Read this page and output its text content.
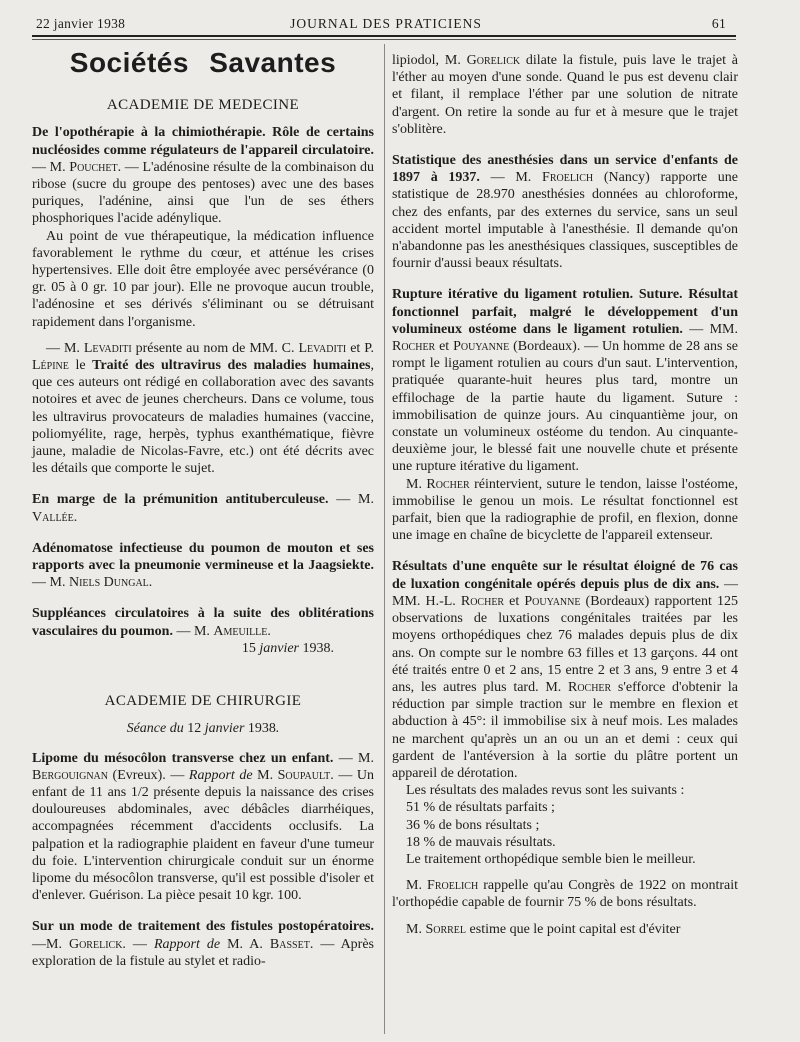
22 janvier 1938	JOURNAL DES PRATICIENS	61
Sociétés Savantes
ACADEMIE DE MEDECINE

De l'opothérapie à la chimiothérapie. Rôle de certains nucléosides comme régulateurs de l'appareil circulatoire. — M. Pouchet. — L'adénosine résulte de la combinaison du ribose (sucre du groupe des pentoses) avec une des bases puriques, l'adénine, ainsi que l'un de ses éthers phosphoriques l'acide adénylique.

Au point de vue thérapeutique, la médication influence favorablement le rythme du cœur, et atténue les crises hypertensives. Elle doit être employée avec persévérance (0 gr. 05 à 0 gr. 10 par jour). Elle ne provoque aucun trouble, l'adénosine et ses dérivés s'éliminant ou se détruisant rapidement dans l'organisme.

— M. Levaditi présente au nom de MM. C. Levaditi et P. Lépine le Traité des ultravirus des maladies humaines, que ces auteurs ont rédigé en collaboration avec des savants notoires et avec de jeunes chercheurs. Dans ce volume, tous les ultravirus provocateurs de maladies humaines (vaccine, poliomyélite, rage, herpès, typhus exanthématique, fièvre jaune, maladie de Nicolas-Favre, etc.) ont été décrits avec les détails que comporte le sujet.

En marge de la prémunition antituberculeuse. — M. Vallée.

Adénomatose infectieuse du poumon de mouton et ses rapports avec la pneumonie vermineuse et la Jaagsiekte. — M. Niels Dungal.

Suppléances circulatoires à la suite des oblitérations vasculaires du poumon. — M. Ameuille.

15 janvier 1938.

ACADEMIE DE CHIRURGIE
Séance du 12 janvier 1938.

Lipome du mésocôlon transverse chez un enfant. — M. Bergouignan (Evreux). — Rapport de M. Soupault. — Un enfant de 11 ans 1/2 présente depuis la naissance des crises douloureuses abdominales, avec débâcles diarrhéiques, accompagnées récemment d'accidents occlusifs. La palpation et la radiographie plaident en faveur d'une tumeur du foie. L'intervention chirurgicale conduit sur un énorme lipome du mésocôlon transverse, qu'il est possible d'isoler et d'enlever. Guérison. La pièce pesait 10 kgr. 100.

Sur un mode de traitement des fistules postopératoires. —M. Gorelick. — Rapport de M. A. Basset. — Après exploration de la fistule au stylet et radio-

lipiodol, M. Gorelick dilate la fistule, puis lave le trajet à l'éther au moyen d'une sonde. Quand le pus est devenu clair et filant, il remplace l'éther par une solution de nitrate d'argent. On retire la sonde au fur et à mesure que le trajet s'oblitère.

Statistique des anesthésies dans un service d'enfants de 1897 à 1937. — M. Froelich (Nancy) rapporte une statistique de 28.970 anesthésies données au chloroforme, chez des enfants, par des externes du service, sans un seul accident mortel imputable à l'anesthésie. Il demande qu'on n'abandonne pas les anesthésiques classiques, susceptibles de fournir d'aussi beaux résultats.

Rupture itérative du ligament rotulien. Suture. Résultat fonctionnel parfait, malgré le développement d'un volumineux ostéome dans le ligament rotulien. — MM. Rocher et Pouyanne (Bordeaux). — Un homme de 28 ans se rompt le ligament rotulien au cours d'un saut. L'intervention, pratiquée quarante-huit heures plus tard, montre un effilochage de la partie haute du ligament. Suture : immobilisation de quinze jours. Au cinquantième jour, on constate un volumineux ostéome du tendon. Au cinquante-deuxième jour, le blessé fait une nouvelle chute et présente une rupture itérative du ligament.

M. Rocher réintervient, suture le tendon, laisse l'ostéome, immobilise le genou un mois. Le résultat fonctionnel est parfait, bien que la radiographie de profil, en flexion, donne une image en chaîne de bicyclette de l'appareil extenseur.

Résultats d'une enquête sur le résultat éloigné de 76 cas de luxation congénitale opérés depuis plus de dix ans. — MM. H.-L. Rocher et Pouyanne (Bordeaux) rapportent 125 observations de luxations congénitales traitées par les moyens orthopédiques chez 76 malades depuis plus de dix ans. On compte sur le nombre 63 filles et 13 garçons. 44 ont été traités entre 0 et 2 ans, 15 entre 2 et 3 ans, 9 entre 3 et 4 ans, les autres plus tard. M. Rocher s'efforce d'obtenir la réduction par simple traction sur le membre en flexion et abduction à 45°: il immobilise six à neuf mois. Les malades ne marchent qu'après un an ou un an et demi : ceux qui gardent de l'antéversion à la sortie du plâtre portent un appareil de dérotation.

Les résultats des malades revus sont les suivants :

51 % de résultats parfaits ;

36 % de bons résultats ;

18 % de mauvais résultats.

Le traitement orthopédique semble bien le meilleur.

M. Froelich rappelle qu'au Congrès de 1922 on montrait l'orthopédie capable de fournir 75 % de bons résultats.

M. Sorrel estime que le point capital est d'éviter
